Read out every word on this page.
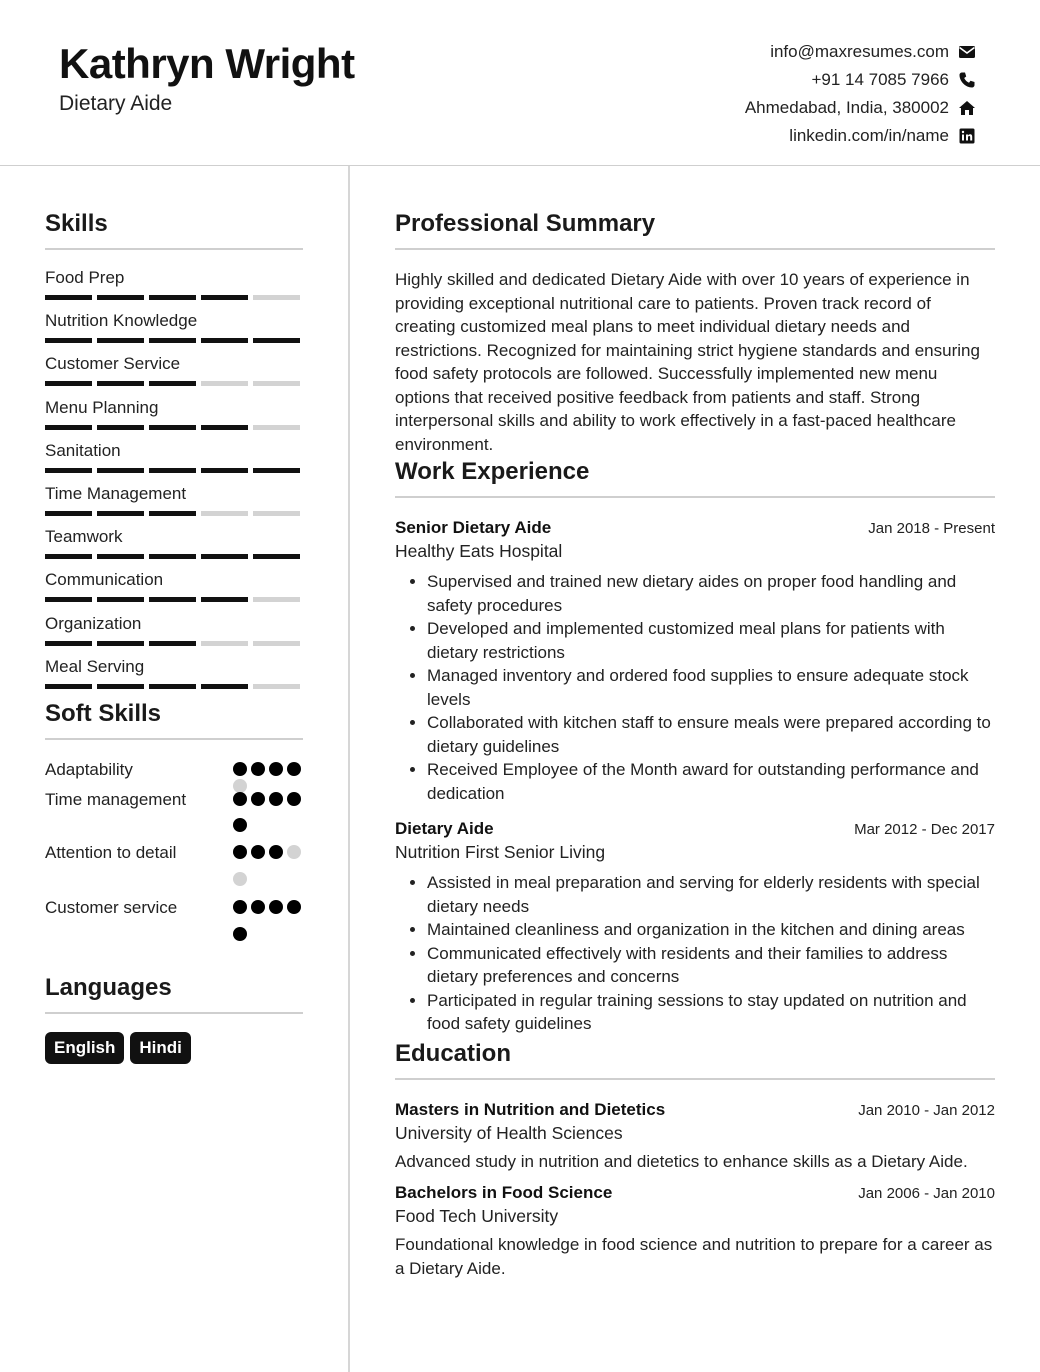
Kathryn Wright
Dietary Aide
info@maxresumes.com
+91 14 7085 7966
Ahmedabad, India, 380002
linkedin.com/in/name
Skills
Food Prep
Nutrition Knowledge
Customer Service
Menu Planning
Sanitation
Time Management
Teamwork
Communication
Organization
Meal Serving
Soft Skills
Adaptability
Time management
Attention to detail
Customer service
Languages
English	Hindi
Professional Summary
Highly skilled and dedicated Dietary Aide with over 10 years of experience in providing exceptional nutritional care to patients. Proven track record of creating customized meal plans to meet individual dietary needs and restrictions. Recognized for maintaining strict hygiene standards and ensuring food safety protocols are followed. Successfully implemented new menu options that received positive feedback from patients and staff. Strong interpersonal skills and ability to work effectively in a fast-paced healthcare environment.
Work Experience
Senior Dietary Aide	Jan 2018 - Present
Healthy Eats Hospital
• Supervised and trained new dietary aides on proper food handling and safety procedures
• Developed and implemented customized meal plans for patients with dietary restrictions
• Managed inventory and ordered food supplies to ensure adequate stock levels
• Collaborated with kitchen staff to ensure meals were prepared according to dietary guidelines
• Received Employee of the Month award for outstanding performance and dedication
Dietary Aide	Mar 2012 - Dec 2017
Nutrition First Senior Living
• Assisted in meal preparation and serving for elderly residents with special dietary needs
• Maintained cleanliness and organization in the kitchen and dining areas
• Communicated effectively with residents and their families to address dietary preferences and concerns
• Participated in regular training sessions to stay updated on nutrition and food safety guidelines
Education
Masters in Nutrition and Dietetics	Jan 2010 - Jan 2012
University of Health Sciences
Advanced study in nutrition and dietetics to enhance skills as a Dietary Aide.
Bachelors in Food Science	Jan 2006 - Jan 2010
Food Tech University
Foundational knowledge in food science and nutrition to prepare for a career as a Dietary Aide.
